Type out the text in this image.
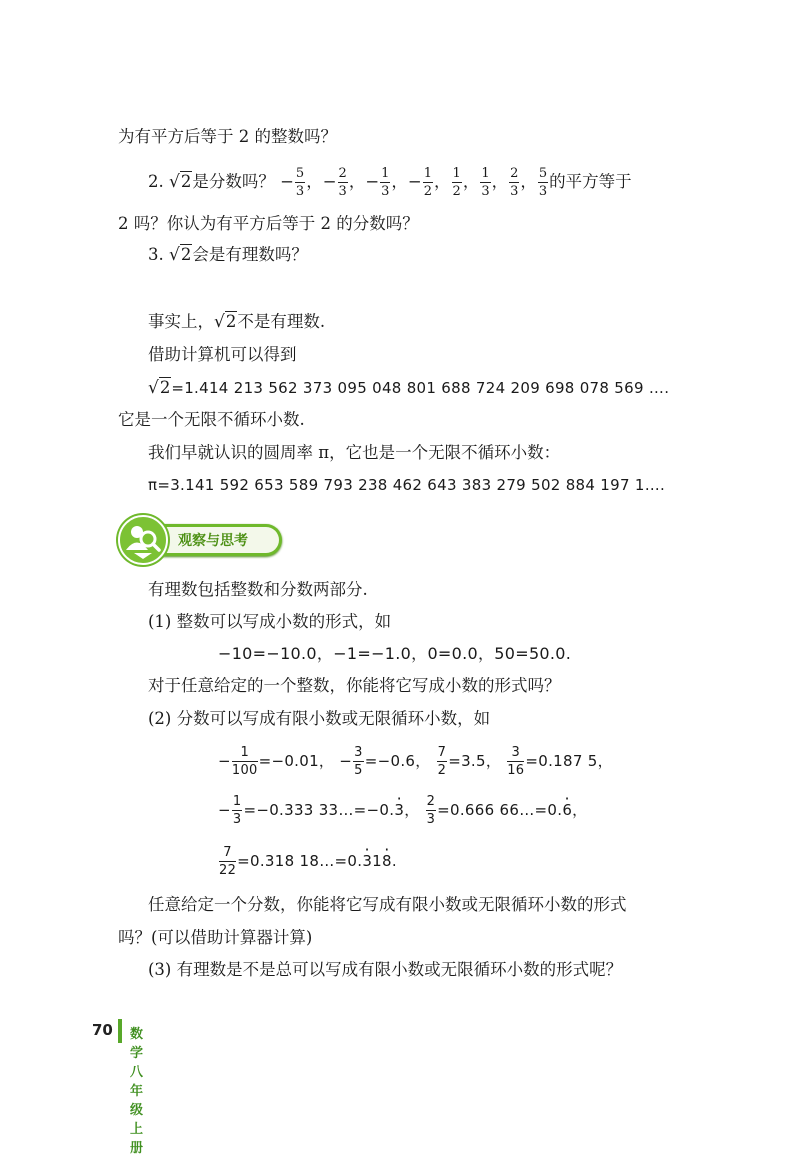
为有平方后等于 2 的整数吗？
2. √2是分数吗？ − $\frac{5}{3}$ ，− $\frac{2}{3}$ ，− $\frac{1}{3}$ ，− $\frac{1}{2}$ ， $\frac{1}{2}$ ， $\frac{1}{3}$ ， $\frac{2}{3}$ ， $\frac{5}{3}$ 的平方等于
2 吗？你认为有平方后等于 2 的分数吗？
3. √2会是有理数吗？
事实上，√2不是有理数.
借助计算机可以得到
√2=1.414 213 562 373 095 048 801 688 724 209 698 078 569 ….
它是一个无限不循环小数.
我们早就认识的圆周率 π，它也是一个无限不循环小数：
π=3.141 592 653 589 793 238 462 643 383 279 502 884 197 1….
观察与思考
有理数包括整数和分数两部分.
(1) 整数可以写成小数的形式，如
−10=−10.0，−1=−1.0，0=0.0，50=50.0.
对于任意给定的一个整数，你能将它写成小数的形式吗？
(2) 分数可以写成有限小数或无限循环小数，如
− $\frac{1}{100} =-0.01$， − $\frac{3}{5} =-0.6$， $\frac{7}{2} =3.5$， $\frac{3}{16} =0.187$ 5，
− $\frac{1}{3} =-0.333$ 33…=−0.· 3， $\frac{2}{3} =0.666$ 66…=0.· 6，
$\frac{7}{22} =0.318$ 18…=0.· 31· 8.
任意给定一个分数，你能将它写成有限小数或无限循环小数的形式
吗？(可以借助计算器计算)
(3) 有理数是不是总可以写成有限小数或无限循环小数的形式呢？
70 数学 八年级上册
